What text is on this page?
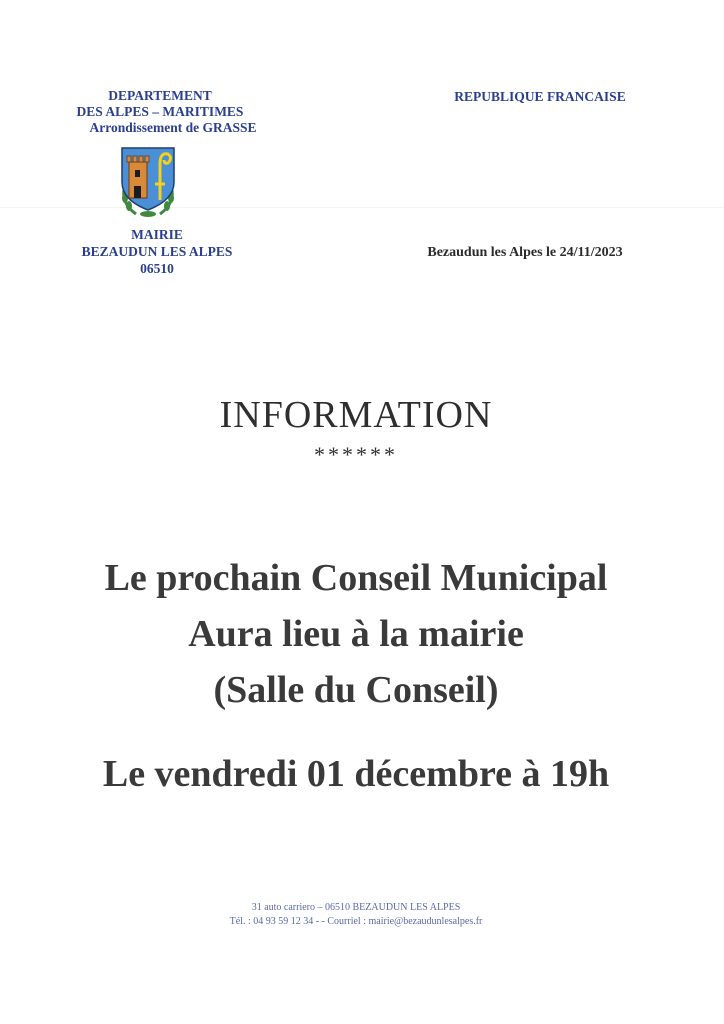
DEPARTEMENT
DES ALPES – MARITIMES
Arrondissement de GRASSE
REPUBLIQUE FRANCAISE
MAIRIE
BEZAUDUN LES ALPES
06510
Bezaudun les Alpes le 24/11/2023
INFORMATION
******
Le prochain Conseil Municipal
Aura lieu à la mairie
(Salle du Conseil)
Le vendredi 01 décembre à 19h
31 auto carriero – 06510 BEZAUDUN LES ALPES
Tél. : 04 93 59 12 34 - - Courriel : mairie@bezaudunlesalpes.fr
